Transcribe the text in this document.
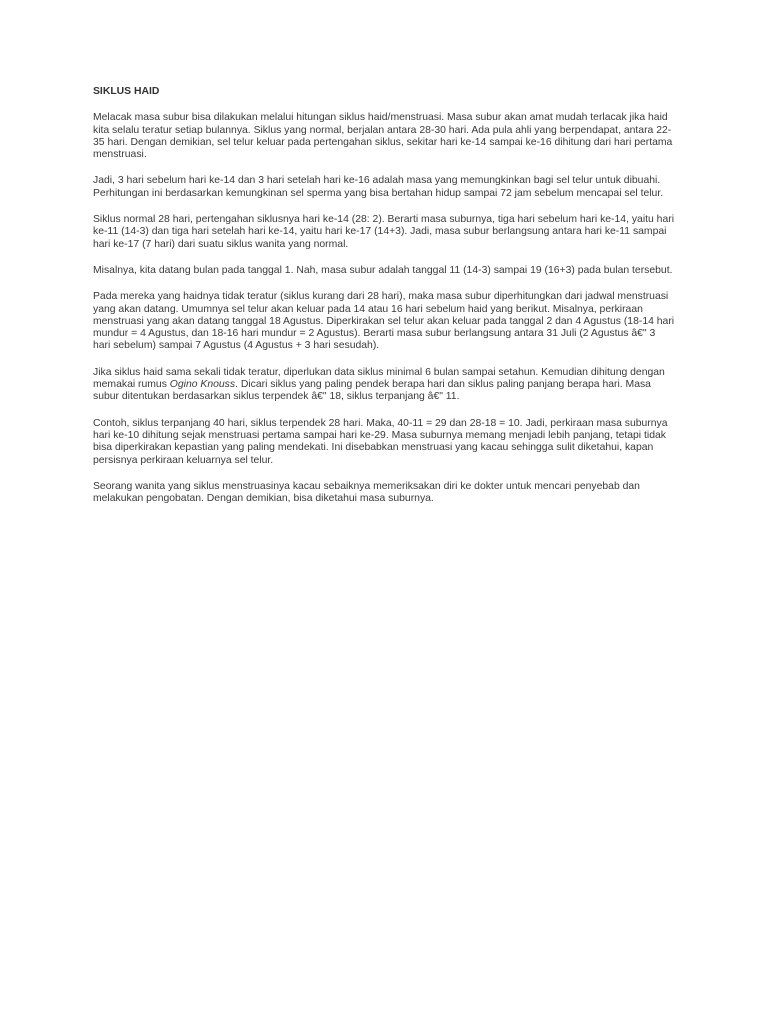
SIKLUS HAID

Melacak masa subur bisa dilakukan melalui hitungan siklus haid/menstruasi. Masa subur akan amat mudah terlacak jika haid kita selalu teratur setiap bulannya. Siklus yang normal, berjalan antara 28-30 hari. Ada pula ahli yang berpendapat, antara 22-35 hari. Dengan demikian, sel telur keluar pada pertengahan siklus, sekitar hari ke-14 sampai ke-16 dihitung dari hari pertama menstruasi.

Jadi, 3 hari sebelum hari ke-14 dan 3 hari setelah hari ke-16 adalah masa yang memungkinkan bagi sel telur untuk dibuahi. Perhitungan ini berdasarkan kemungkinan sel sperma yang bisa bertahan hidup sampai 72 jam sebelum mencapai sel telur.

Siklus normal 28 hari, pertengahan siklusnya hari ke-14 (28: 2). Berarti masa suburnya, tiga hari sebelum hari ke-14, yaitu hari ke-11 (14-3) dan tiga hari setelah hari ke-14, yaitu hari ke-17 (14+3). Jadi, masa subur berlangsung antara hari ke-11 sampai hari ke-17 (7 hari) dari suatu siklus wanita yang normal.

Misalnya, kita datang bulan pada tanggal 1. Nah, masa subur adalah tanggal 11 (14-3) sampai 19 (16+3) pada bulan tersebut.

Pada mereka yang haidnya tidak teratur (siklus kurang dari 28 hari), maka masa subur diperhitungkan dari jadwal menstruasi yang akan datang. Umumnya sel telur akan keluar pada 14 atau 16 hari sebelum haid yang berikut. Misalnya, perkiraan menstruasi yang akan datang tanggal 18 Agustus. Diperkirakan sel telur akan keluar pada tanggal 2 dan 4 Agustus (18-14 hari mundur = 4 Agustus, dan 18-16 hari mundur = 2 Agustus). Berarti masa subur berlangsung antara 31 Juli (2 Agustus â€" 3 hari sebelum) sampai 7 Agustus (4 Agustus + 3 hari sesudah).

Jika siklus haid sama sekali tidak teratur, diperlukan data siklus minimal 6 bulan sampai setahun. Kemudian dihitung dengan memakai rumus Ogino Knouss. Dicari siklus yang paling pendek berapa hari dan siklus paling panjang berapa hari. Masa subur ditentukan berdasarkan siklus terpendek â€" 18, siklus terpanjang â€" 11.

Contoh, siklus terpanjang 40 hari, siklus terpendek 28 hari. Maka, 40-11 = 29 dan 28-18 = 10. Jadi, perkiraan masa suburnya hari ke-10 dihitung sejak menstruasi pertama sampai hari ke-29. Masa suburnya memang menjadi lebih panjang, tetapi tidak bisa diperkirakan kepastian yang paling mendekati. Ini disebabkan menstruasi yang kacau sehingga sulit diketahui, kapan persisnya perkiraan keluarnya sel telur.

Seorang wanita yang siklus menstruasinya kacau sebaiknya memeriksakan diri ke dokter untuk mencari penyebab dan melakukan pengobatan. Dengan demikian, bisa diketahui masa suburnya.
